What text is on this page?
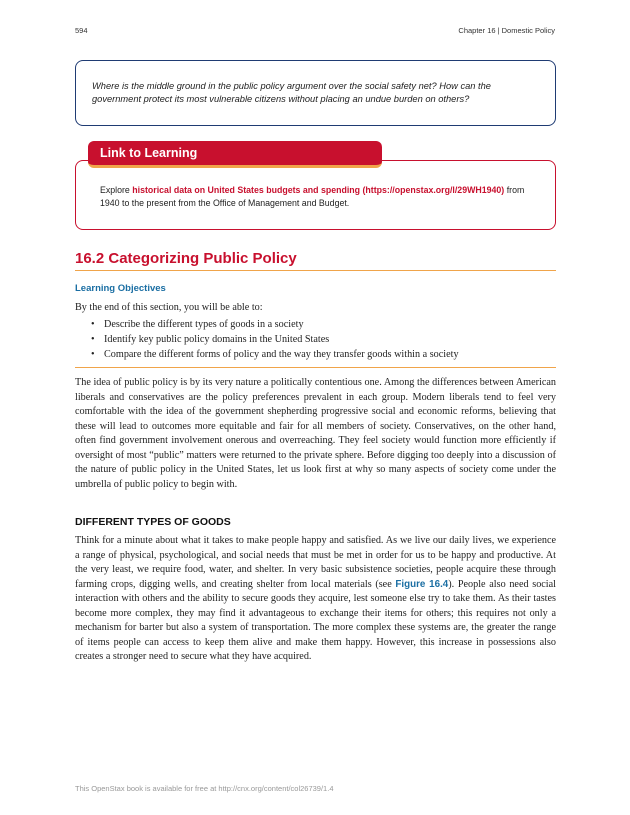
594	Chapter 16 | Domestic Policy
Where is the middle ground in the public policy argument over the social safety net? How can the government protect its most vulnerable citizens without placing an undue burden on others?
Explore historical data on United States budgets and spending (https://openstax.org/l/29WH1940) from 1940 to the present from the Office of Management and Budget.
Link to Learning
16.2 Categorizing Public Policy
Learning Objectives
By the end of this section, you will be able to:
• Describe the different types of goods in a society
• Identify key public policy domains in the United States
• Compare the different forms of policy and the way they transfer goods within a society

The idea of public policy is by its very nature a politically contentious one. Among the differences between American liberals and conservatives are the policy preferences prevalent in each group. Modern liberals tend to feel very comfortable with the idea of the government shepherding progressive social and economic reforms, believing that these will lead to outcomes more equitable and fair for all members of society. Conservatives, on the other hand, often find government involvement onerous and overreaching. They feel society would function more efficiently if oversight of most “public” matters were returned to the private sphere. Before digging too deeply into a discussion of the nature of public policy in the United States, let us look first at why so many aspects of society come under the umbrella of public policy to begin with.

DIFFERENT TYPES OF GOODS

Think for a minute about what it takes to make people happy and satisfied. As we live our daily lives, we experience a range of physical, psychological, and social needs that must be met in order for us to be happy and productive. At the very least, we require food, water, and shelter. In very basic subsistence societies, people acquire these through farming crops, digging wells, and creating shelter from local materials (see Figure 16.4). People also need social interaction with others and the ability to secure goods they acquire, lest someone else try to take them. As their tastes become more complex, they may find it advantageous to exchange their items for others; this requires not only a mechanism for barter but also a system of transportation. The more complex these systems are, the greater the range of items people can access to keep them alive and make them happy. However, this increase in possessions also creates a stronger need to secure what they have acquired.

This OpenStax book is available for free at http://cnx.org/content/col26739/1.4
